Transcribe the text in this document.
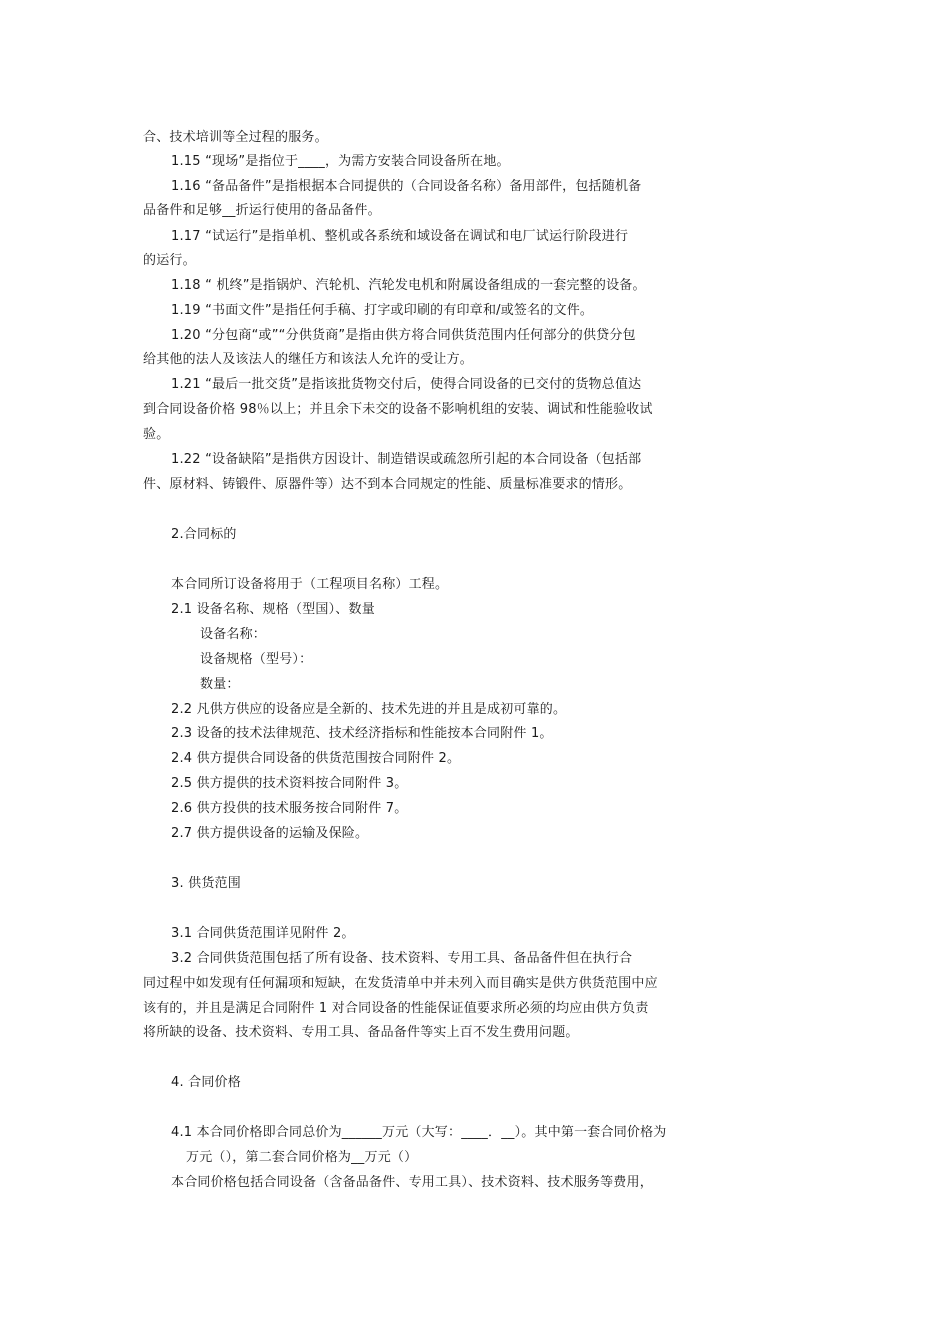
合、技术培训等全过程的服务。
1.15 “现场”是指位于____，为需方安装合同设备所在地。
1.16 “备品备件”是指根据本合同提供的（合同设备名称）备用部件，包括随机备
品备件和足够__折运行使用的备品备件。
1.17 “试运行”是指单机、整机或各系统和域设备在调试和电厂试运行阶段进行
的运行。
1.18 “ 机终”是指锅炉、汽轮机、汽轮发电机和附属设备组成的一套完整的设备。
1.19 “书面文件”是指任何手稿、打字或印刷的有印章和/或签名的文件。
1.20 “分包商“或”“分供货商”是指由供方将合同供货范围内任何部分的供贷分包
给其他的法人及该法人的继任方和该法人允许的受让方。
1.21 “最后一批交货”是指该批货物交付后，使得合同设备的已交付的货物总值达
到合同设备价格 98％以上；并且余下未交的设备不影响机组的安装、调试和性能验收试
验。
1.22 “设备缺陷”是指供方因设计、制造错误或疏忽所引起的本合同设备（包括部
件、原材料、铸锻件、原器件等）达不到本合同规定的性能、质量标准要求的情形。
2.合同标的
本合同所订设备将用于（工程项目名称）工程。
2.1 设备名称、规格（型国）、数量
设备名称：
设备规格（型号）：
数量：
2.2 凡供方供应的设备应是全新的、技术先进的并且是成初可靠的。
2.3 设备的技术法律规范、技术经济指标和性能按本合同附件 1。
2.4 供方提供合同设备的供货范围按合同附件 2。
2.5 供方提供的技术资料按合同附件 3。
2.6 供方投供的技术服务按合同附件 7。
2.7 供方提供设备的运输及保险。
3. 供货范围
3.1 合同供货范围详见附件 2。
3.2 合同供货范围包括了所有设备、技术资料、专用工具、备品备件但在执行合
同过程中如发现有任何漏项和短缺，在发货清单中并未列入而目确实是供方供货范围中应
该有的，并且是满足合同附件 1 对合同设备的性能保证值要求所必须的均应由供方负责
将所缺的设备、技术资料、专用工具、备品备件等实上百不发生费用问题。
4. 合同价格
4.1 本合同价格即合同总价为______万元（大写：____．__）。其中第一套合同价格为
万元（），第二套合同价格为__万元（）
本合同价格包括合同设备（含备品备件、专用工具）、技术资料、技术服务等费用，
